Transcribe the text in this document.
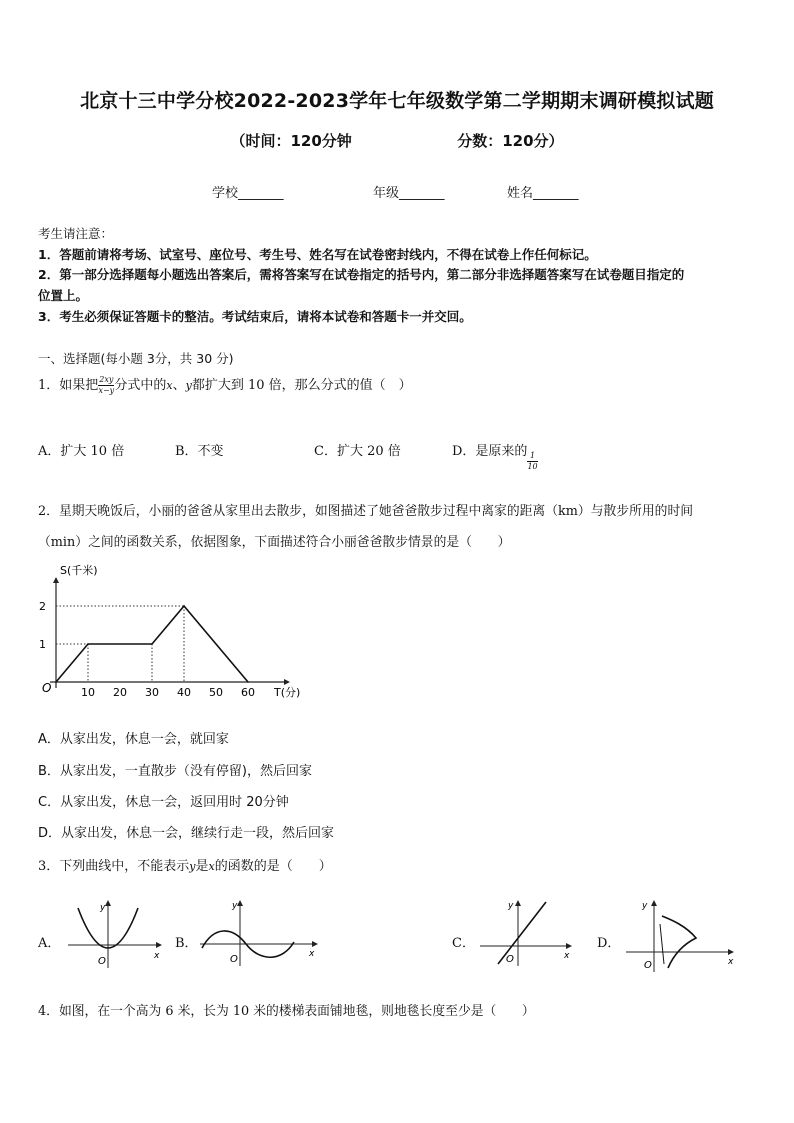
北京十三中学分校2022-2023学年七年级数学第二学期期末调研模拟试题
（时间：120分钟	分数：120分）
学校_______	年级_______	姓名_______
考生请注意：
1．答题前请将考场、试室号、座位号、考生号、姓名写在试卷密封线内，不得在试卷上作任何标记。
2．第一部分选择题每小题选出答案后，需将答案写在试卷指定的括号内，第二部分非选择题答案写在试卷题目指定的
位置上。
3．考生必须保证答题卡的整洁。考试结束后，请将本试卷和答题卡一并交回。
一、选择题(每小题 3分，共 30 分)
1．如果把 $\frac{2xy}{x-y}$ 分式中的x、y都扩大到 10 倍，那么分式的值（　）
A．扩大 10 倍	B．不变	C．扩大 20 倍	D．是原来的 $\frac{1}{10}$
2．星期天晚饭后，小丽的爸爸从家里出去散步，如图描述了她爸爸散步过程中离家的距离（km）与散步所用的时间
（min）之间的函数关系，依据图象，下面描述符合小丽爸爸散步情景的是（　　）
10 20 30 40 50 60
1
2
O
S(千米)
T(分)
A．从家出发，休息一会，就回家
B．从家出发，一直散步（没有停留)，然后回家
C．从家出发，休息一会，返回用时 20分钟
D．从家出发，休息一会，继续行走一段，然后回家
3．下列曲线中，不能表示y是x的函数的是（　　）
A．
O
y
x
B．
O
y
x
C．
O
y
x
D．
O
y
x
4．如图，在一个高为 6 米，长为 10 米的楼梯表面铺地毯，则地毯长度至少是（　　）
